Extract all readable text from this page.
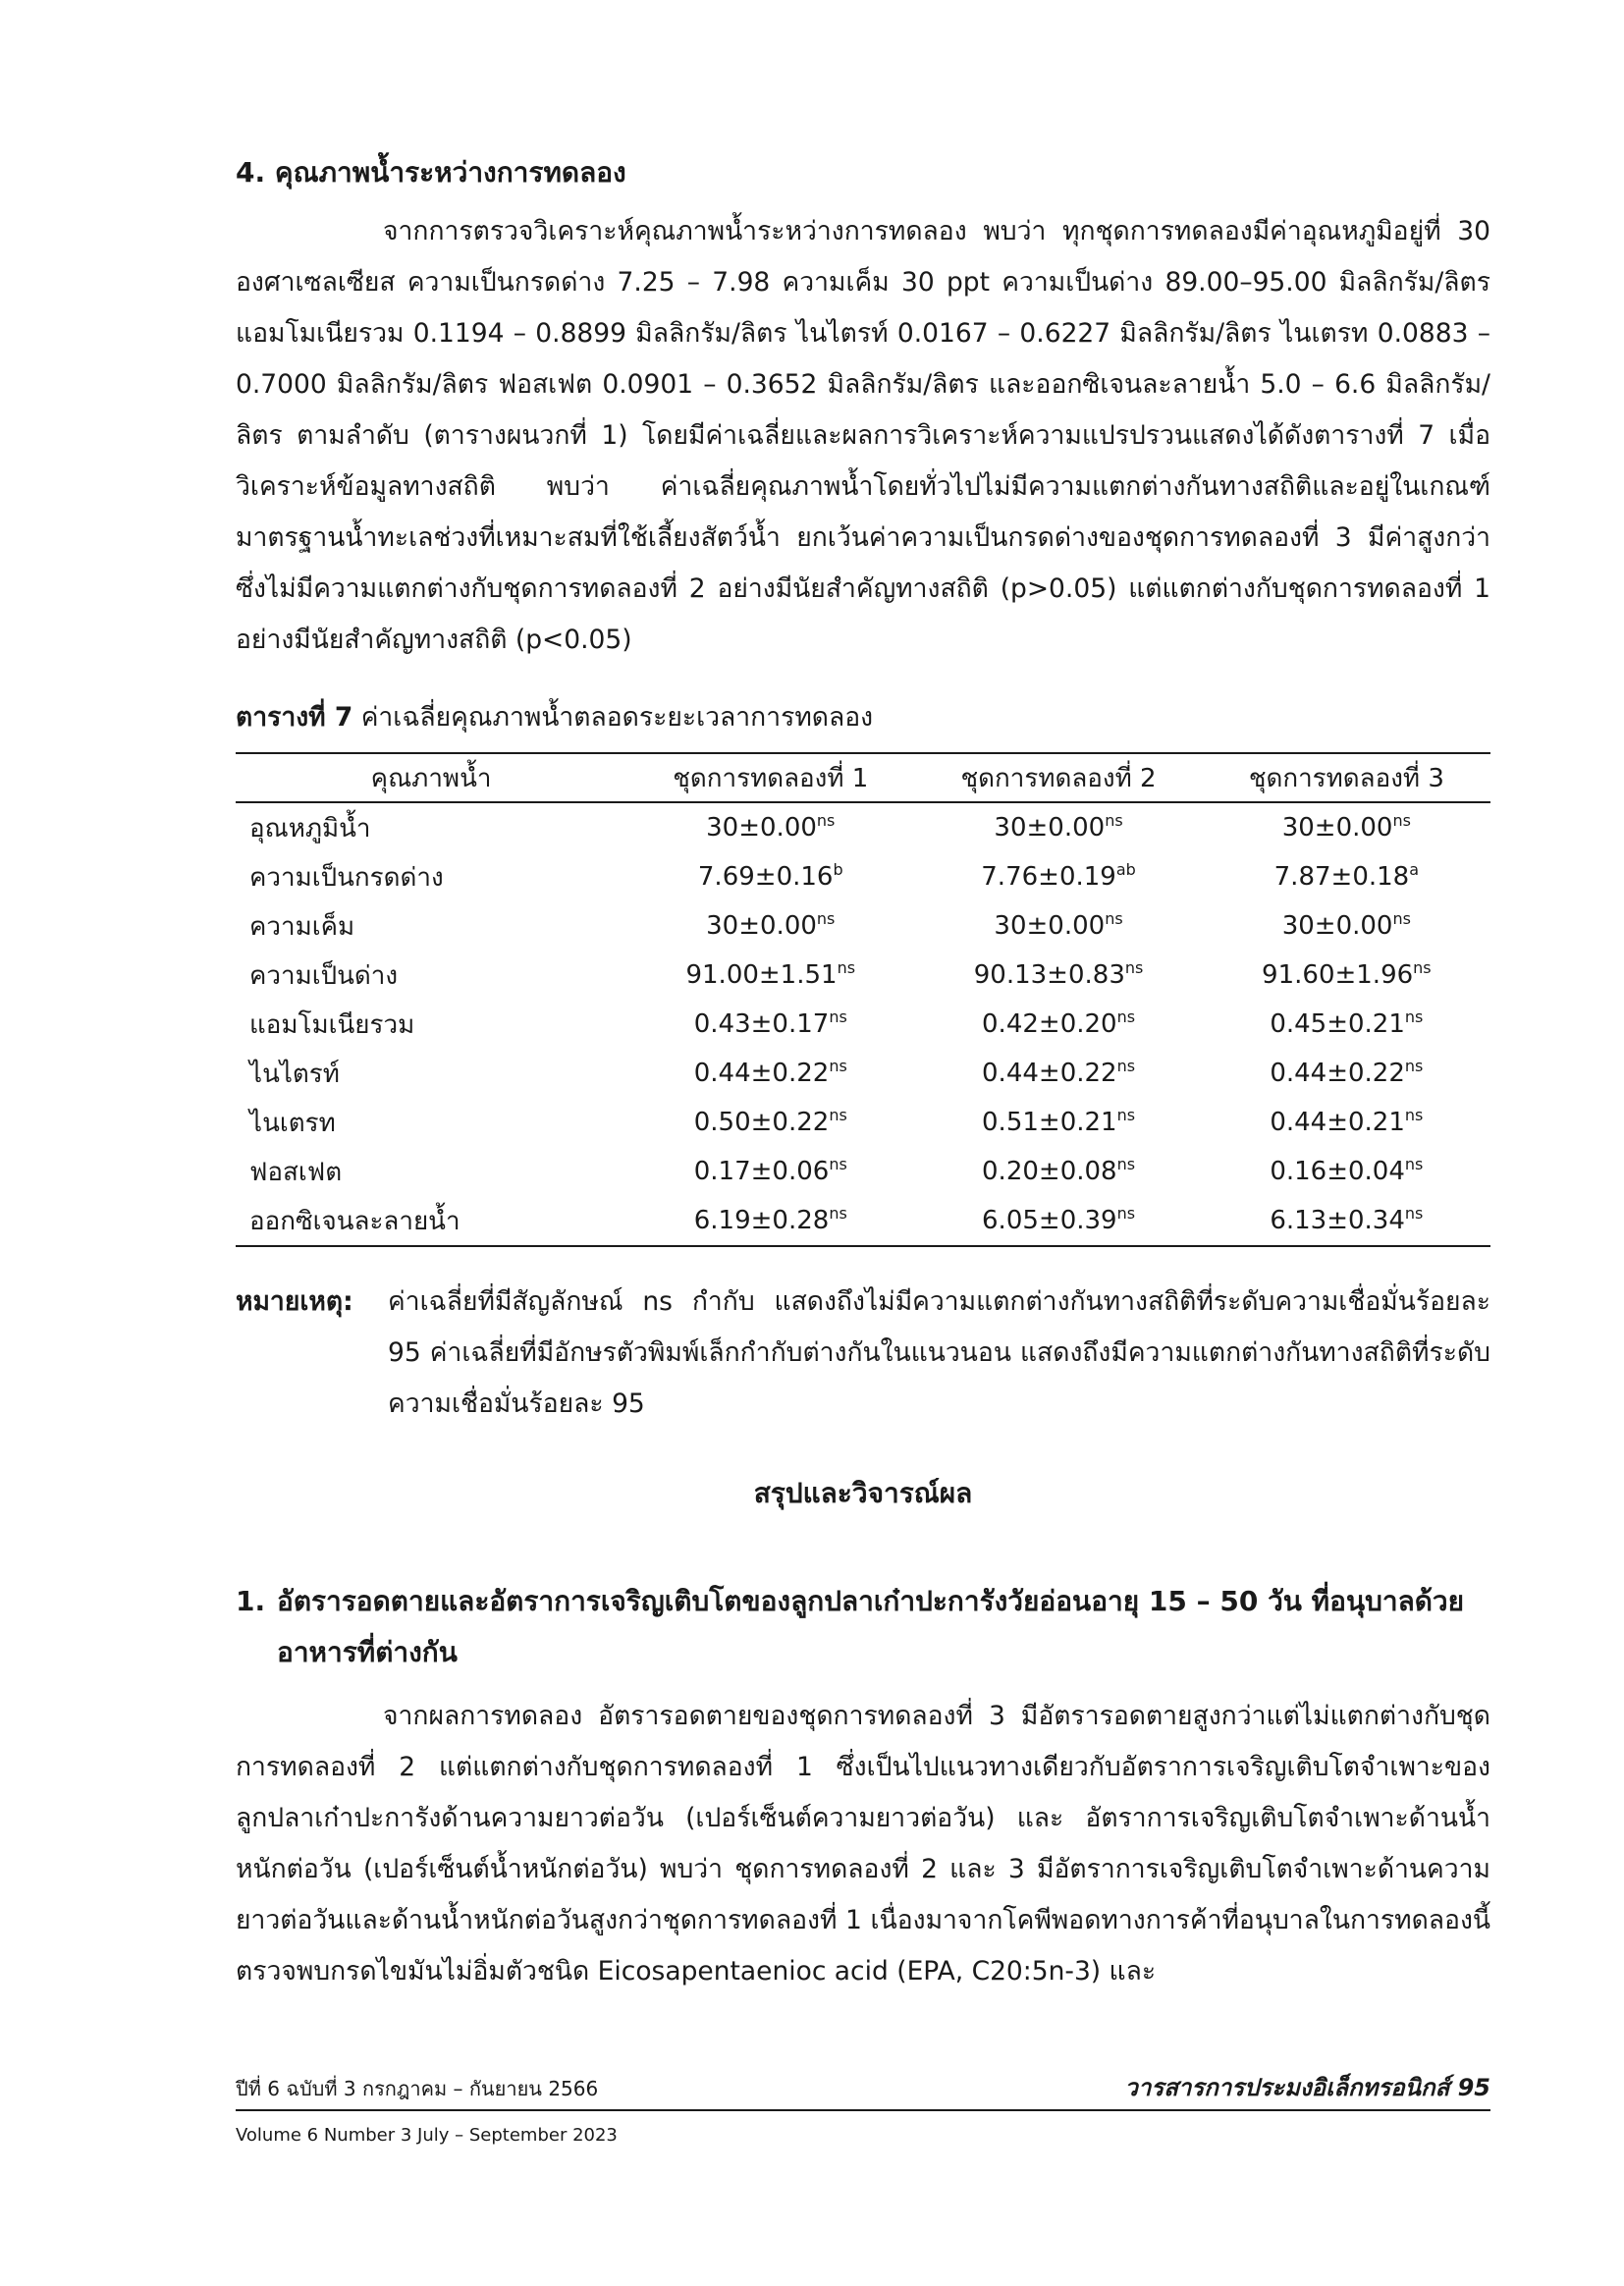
4. คุณภาพน้ำระหว่างการทดลอง

จากการตรวจวิเคราะห์คุณภาพน้ำระหว่างการทดลอง พบว่า ทุกชุดการทดลองมีค่าอุณหภูมิอยู่ที่ 30 องศาเซลเซียส ความเป็นกรดด่าง 7.25 – 7.98 ความเค็ม 30 ppt ความเป็นด่าง 89.00–95.00 มิลลิกรัม/ลิตร แอมโมเนียรวม 0.1194 – 0.8899 มิลลิกรัม/ลิตร ไนไตรท์ 0.0167 – 0.6227 มิลลิกรัม/ลิตร ไนเตรท 0.0883 – 0.7000 มิลลิกรัม/ลิตร ฟอสเฟต 0.0901 – 0.3652 มิลลิกรัม/ลิตร และออกซิเจนละลายน้ำ 5.0 – 6.6 มิลลิกรัม/ลิตร ตามลำดับ (ตารางผนวกที่ 1) โดยมีค่าเฉลี่ยและผลการวิเคราะห์ความแปรปรวนแสดงได้ดังตารางที่ 7 เมื่อวิเคราะห์ข้อมูลทางสถิติ พบว่า ค่าเฉลี่ยคุณภาพน้ำโดยทั่วไปไม่มีความแตกต่างกันทางสถิติและอยู่ในเกณฑ์มาตรฐานน้ำทะเลช่วงที่เหมาะสมที่ใช้เลี้ยงสัตว์น้ำ ยกเว้นค่าความเป็นกรดด่างของชุดการทดลองที่ 3 มีค่าสูงกว่า ซึ่งไม่มีความแตกต่างกับชุดการทดลองที่ 2 อย่างมีนัยสำคัญทางสถิติ (p>0.05) แต่แตกต่างกับชุดการทดลองที่ 1 อย่างมีนัยสำคัญทางสถิติ (p<0.05)

ตารางที่ 7 ค่าเฉลี่ยคุณภาพน้ำตลอดระยะเวลาการทดลอง
คุณภาพน้ำ	ชุดการทดลองที่ 1	ชุดการทดลองที่ 2	ชุดการทดลองที่ 3
อุณหภูมิน้ำ	$30\pm 0.00^{ns}$	$30\pm 0.00^{ns}$	$30\pm 0.00^{ns}$
ความเป็นกรดด่าง	7.69±0.16$^b$	7.76±0.19$^{ab}$	7.87±0.18$^a$
ความเค็ม	$30\pm 0.00^{ns}$	$30\pm 0.00^{ns}$	$30\pm 0.00^{ns}$
ความเป็นด่าง	$91.00\pm 1.51^{ns}$	$90.13\pm 0.83^{ns}$	$91.60\pm 1.96^{ns}$
แอมโมเนียรวม	$0.43\pm 0.17^{ns}$	$0.42\pm 0.20^{ns}$	$0.45\pm 0.21^{ns}$
ไนไตรท์	$0.44\pm 0.22^{ns}$	$0.44\pm 0.22^{ns}$	$0.44\pm 0.22^{ns}$
ไนเตรท	$0.50\pm 0.22^{ns}$	$0.51\pm 0.21^{ns}$	$0.44\pm 0.21^{ns}$
ฟอสเฟต	$0.17\pm 0.06^{ns}$	$0.20\pm 0.08^{ns}$	$0.16\pm 0.04^{ns}$
ออกซิเจนละลายน้ำ	$6.19\pm 0.28^{ns}$	$6.05\pm 0.39^{ns}$	$6.13\pm 0.34^{ns}$
หมายเหตุ: ค่าเฉลี่ยที่มีสัญลักษณ์ ns กำกับ แสดงถึงไม่มีความแตกต่างกันทางสถิติที่ระดับความเชื่อมั่นร้อยละ 95 ค่าเฉลี่ยที่มีอักษรตัวพิมพ์เล็กกำกับต่างกันในแนวนอน แสดงถึงมีความแตกต่างกันทางสถิติที่ระดับความเชื่อมั่นร้อยละ 95
สรุปและวิจารณ์ผล
1. อัตรารอดตายและอัตราการเจริญเติบโตของลูกปลาเก๋าปะการังวัยอ่อนอายุ 15 – 50 วัน ที่อนุบาลด้วยอาหารที่ต่างกัน

จากผลการทดลอง อัตรารอดตายของชุดการทดลองที่ 3 มีอัตรารอดตายสูงกว่าแต่ไม่แตกต่างกับชุดการทดลองที่ 2 แต่แตกต่างกับชุดการทดลองที่ 1 ซึ่งเป็นไปแนวทางเดียวกับอัตราการเจริญเติบโตจำเพาะของลูกปลาเก๋าปะการังด้านความยาวต่อวัน (เปอร์เซ็นต์ความยาวต่อวัน) และ อัตราการเจริญเติบโตจำเพาะด้านน้ำหนักต่อวัน (เปอร์เซ็นต์น้ำหนักต่อวัน) พบว่า ชุดการทดลองที่ 2 และ 3 มีอัตราการเจริญเติบโตจำเพาะด้านความยาวต่อวันและด้านน้ำหนักต่อวันสูงกว่าชุดการทดลองที่ 1 เนื่องมาจากโคพีพอดทางการค้าที่อนุบาลในการทดลองนี้ ตรวจพบกรดไขมันไม่อิ่มตัวชนิด Eicosapentaenioc acid (EPA, C20:5n-3) และ

ปีที่ 6 ฉบับที่ 3 กรกฎาคม – กันยายน 2566
Volume 6 Number 3 July – September 2023
วารสารการประมงอิเล็กทรอนิกส์ 95
